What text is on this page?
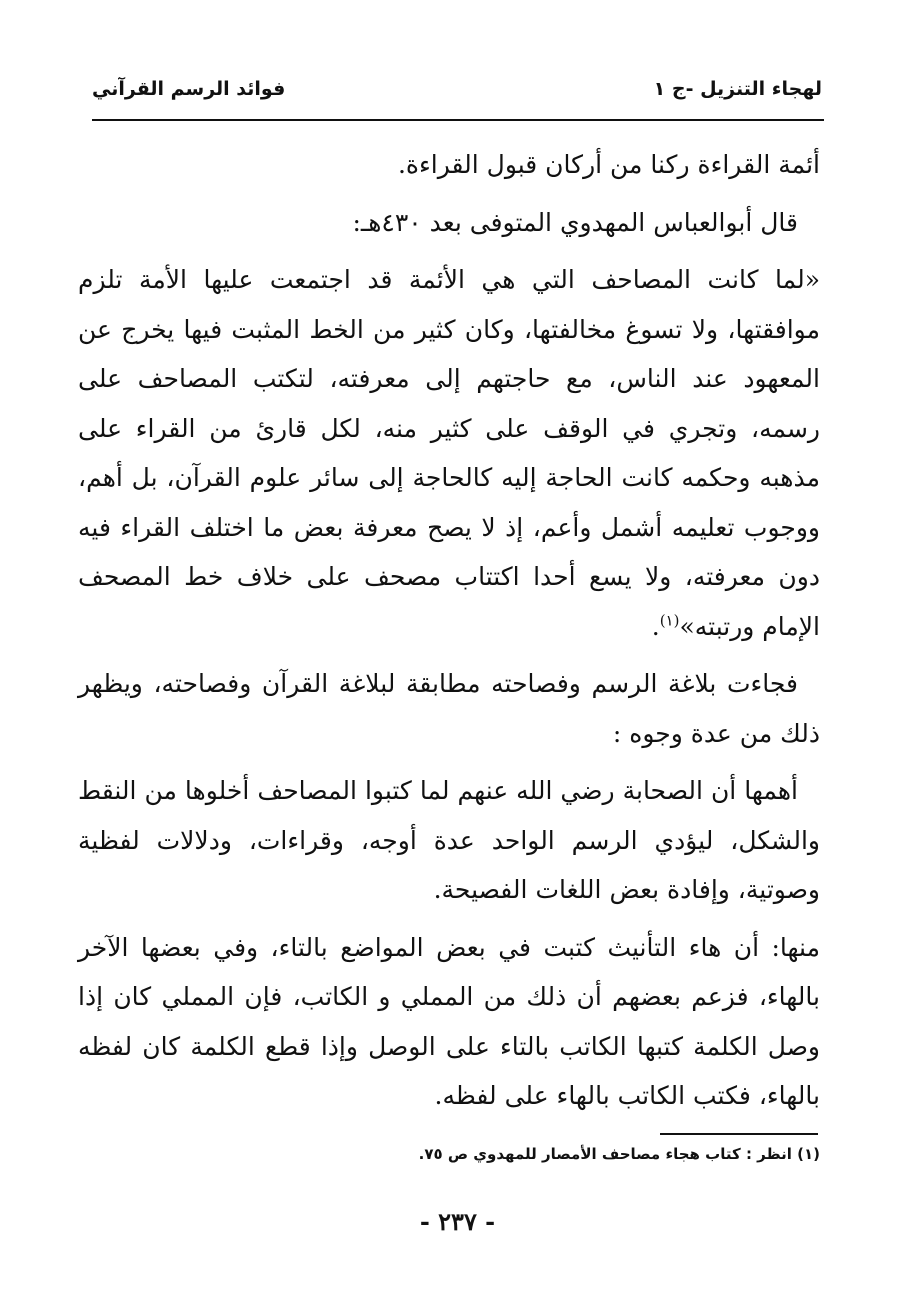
لهجاء التنزيل -ج ١
فوائد الرسم القرآني

أئمة القراءة ركنا من أركان قبول القراءة.

قال أبوالعباس المهدوي المتوفى بعد ٤٣٠هـ:

«لما كانت المصاحف التي هي الأئمة قد اجتمعت عليها الأمة تلزم موافقتها، ولا تسوغ مخالفتها، وكان كثير من الخط المثبت فيها يخرج عن المعهود عند الناس، مع حاجتهم إلى معرفته، لتكتب المصاحف على رسمه، وتجري في الوقف على كثير منه، لكل قارئ من القراء على مذهبه وحكمه كانت الحاجة إليه كالحاجة إلى سائر علوم القرآن، بل أهم، ووجوب تعليمه أشمل وأعم، إذ لا يصح معرفة بعض ما اختلف القراء فيه دون معرفته، ولا يسع أحدا اكتتاب مصحف على خلاف خط المصحف الإمام ورتبته»$^{(١)}$.

فجاءت بلاغة الرسم وفصاحته مطابقة لبلاغة القرآن وفصاحته، ويظهر ذلك من عدة وجوه :

أهمها أن الصحابة رضي الله عنهم لما كتبوا المصاحف أخلوها من النقط والشكل، ليؤدي الرسم الواحد عدة أوجه، وقراءات، ودلالات لفظية وصوتية، وإفادة بعض اللغات الفصيحة.

منها: أن هاء التأنيث كتبت في بعض المواضع بالتاء، وفي بعضها الآخر بالهاء، فزعم بعضهم أن ذلك من المملي و الكاتب، فإن المملي كان إذا وصل الكلمة كتبها الكاتب بالتاء على الوصل وإذا قطع الكلمة كان لفظه بالهاء، فكتب الكاتب بالهاء على لفظه.

(١) انظر : كتاب هجاء مصاحف الأمصار للمهدوي ص ٧٥.
- ٢٣٧ -
